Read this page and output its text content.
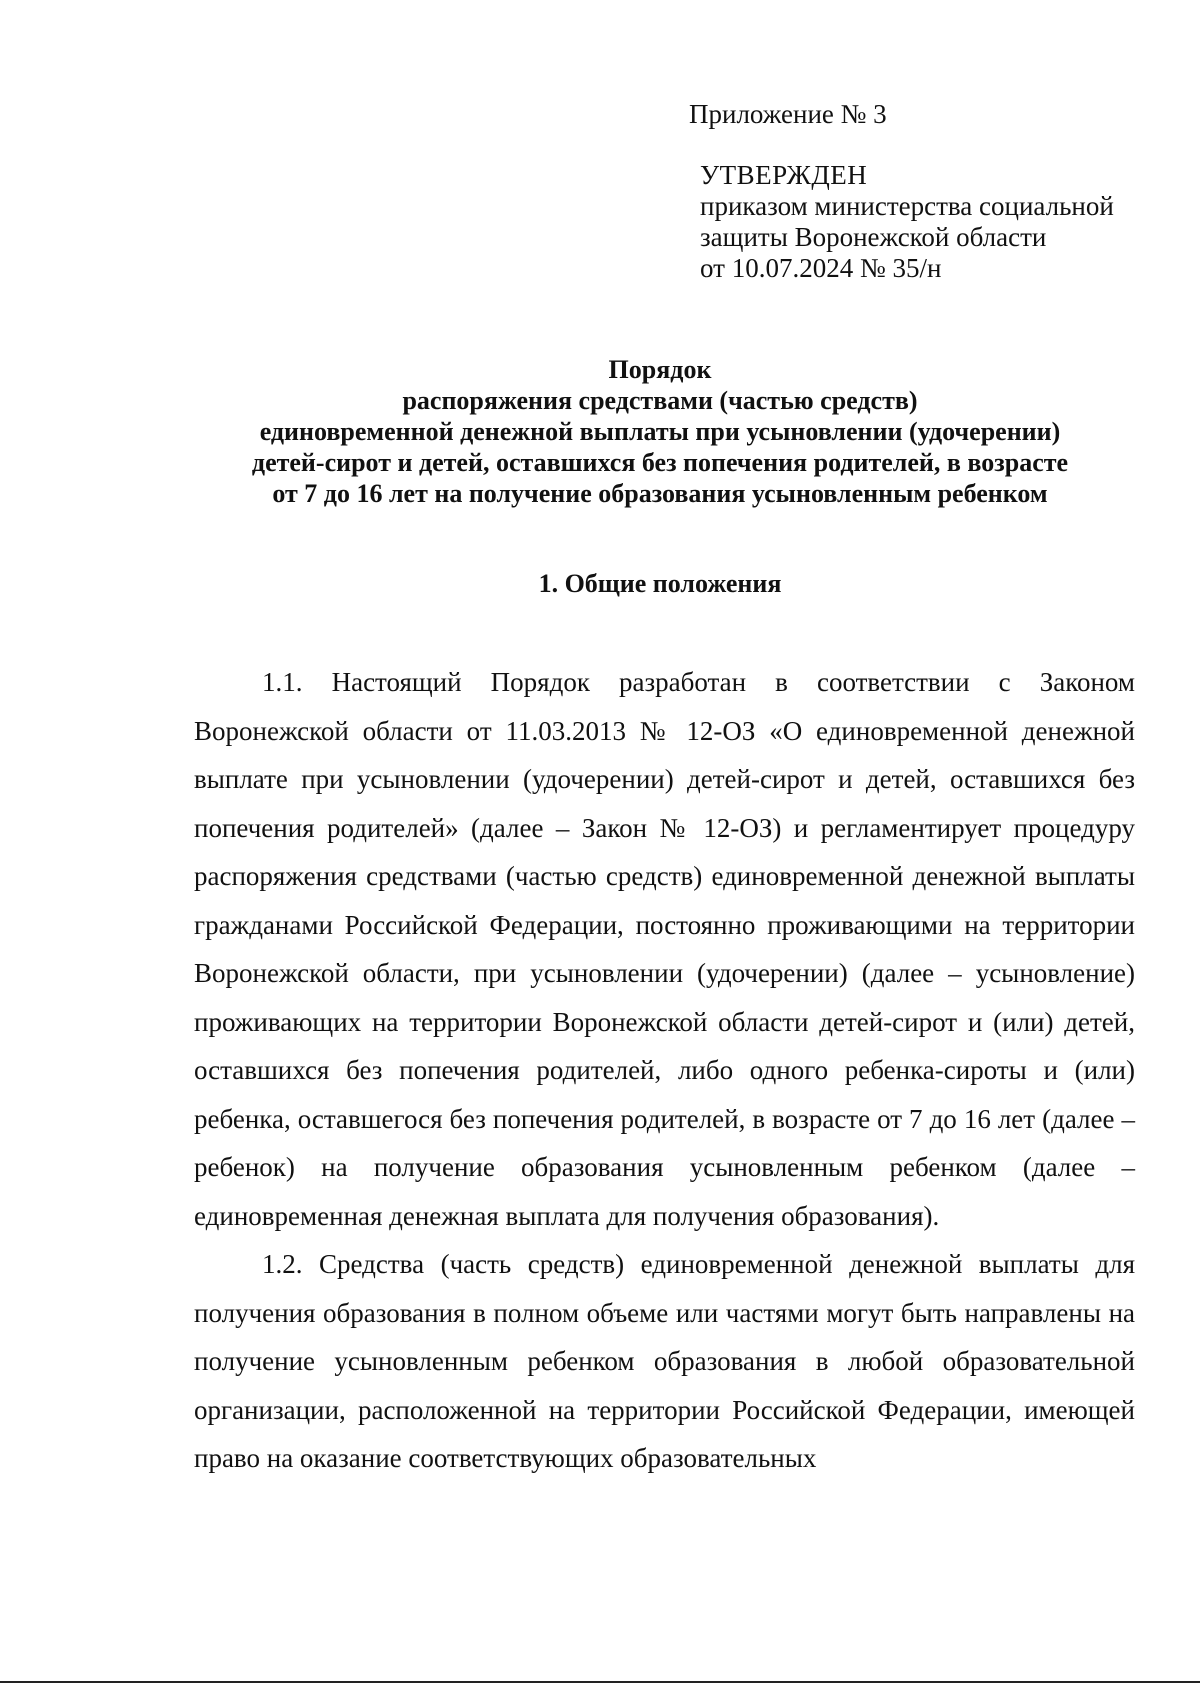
Приложение № 3
УТВЕРЖДЕН
приказом министерства социальной
защиты Воронежской области
от 10.07.2024 № 35/н
Порядок
распоряжения средствами (частью средств)
единовременной денежной выплаты при усыновлении (удочерении)
детей-сирот и детей, оставшихся без попечения родителей, в возрасте
от 7 до 16 лет на получение образования усыновленным ребенком
1. Общие положения

1.1. Настоящий Порядок разработан в соответствии с Законом Воронежской области от 11.03.2013 № 12-ОЗ «О единовременной денежной выплате при усыновлении (удочерении) детей-сирот и детей, оставшихся без попечения родителей» (далее – Закон № 12-ОЗ) и регламентирует процедуру распоряжения средствами (частью средств) единовременной денежной выплаты гражданами Российской Федерации, постоянно проживающими на территории Воронежской области, при усыновлении (удочерении) (далее – усыновление) проживающих на территории Воронежской области детей-сирот и (или) детей, оставшихся без попечения родителей, либо одного ребенка-сироты и (или) ребенка, оставшегося без попечения родителей, в возрасте от 7 до 16 лет (далее – ребенок) на получение образования усыновленным ребенком (далее – единовременная денежная выплата для получения образования).

1.2. Средства (часть средств) единовременной денежной выплаты для получения образования в полном объеме или частями могут быть направлены на получение усыновленным ребенком образования в любой образовательной организации, расположенной на территории Российской Федерации, имеющей право на оказание соответствующих образовательных
